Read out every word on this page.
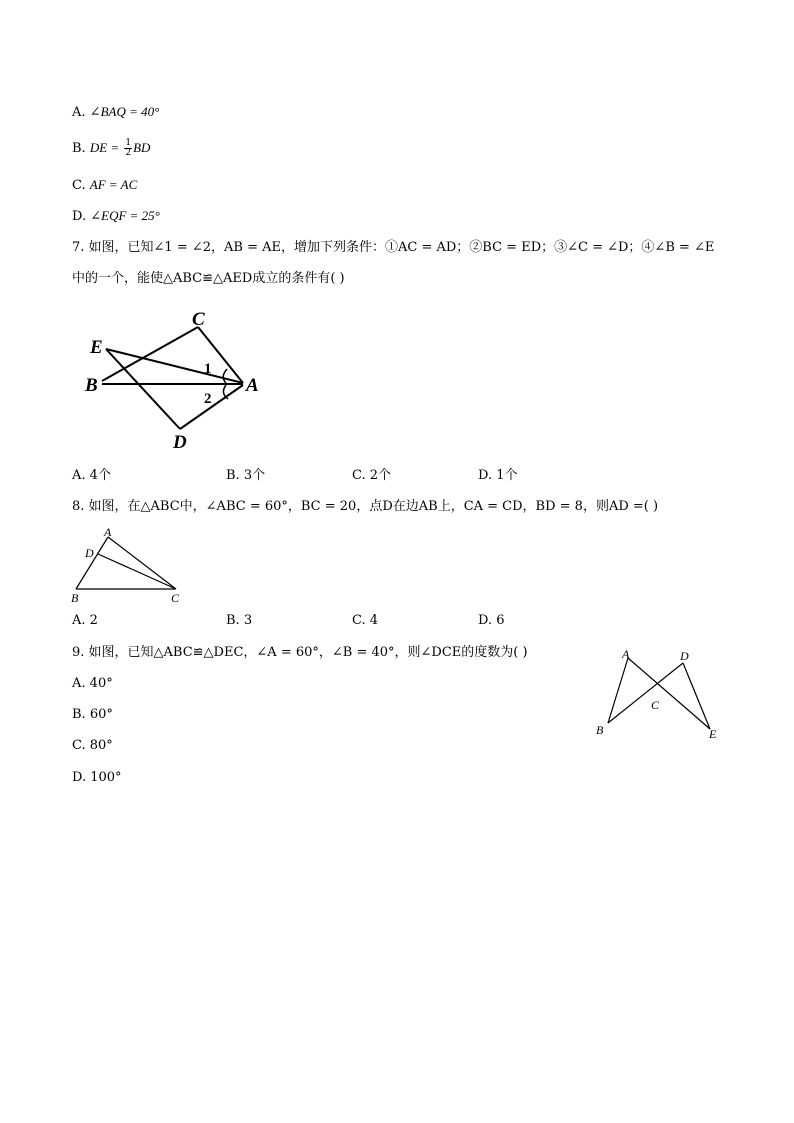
A. ∠BAQ = 40°
B. DE = $\frac{1}{2}$ BD
C. AF = AC
D. ∠EQF = 25°
7. 如图，已知∠1 = ∠2，AB = AE，增加下列条件：①AC = AD；②BC = ED；③∠C = ∠D；④∠B = ∠E
中的一个，能使△ABC≌△AED成立的条件有( )
C
E
B	A
D
1
2
A. 4个	B. 3个	C. 2个	D. 1个
8. 如图，在△ABC中，∠ABC = 60°，BC = 20，点D在边AB上，CA = CD，BD = 8，则AD =( )
A
D
B	C
A. 2	B. 3	C. 4	D. 6
9. 如图，已知△ABC≌△DEC，∠A = 60°，∠B = 40°，则∠DCE的度数为( )	A	D
C
B	E
A. 40°
B. 60°
C. 80°
D. 100°
